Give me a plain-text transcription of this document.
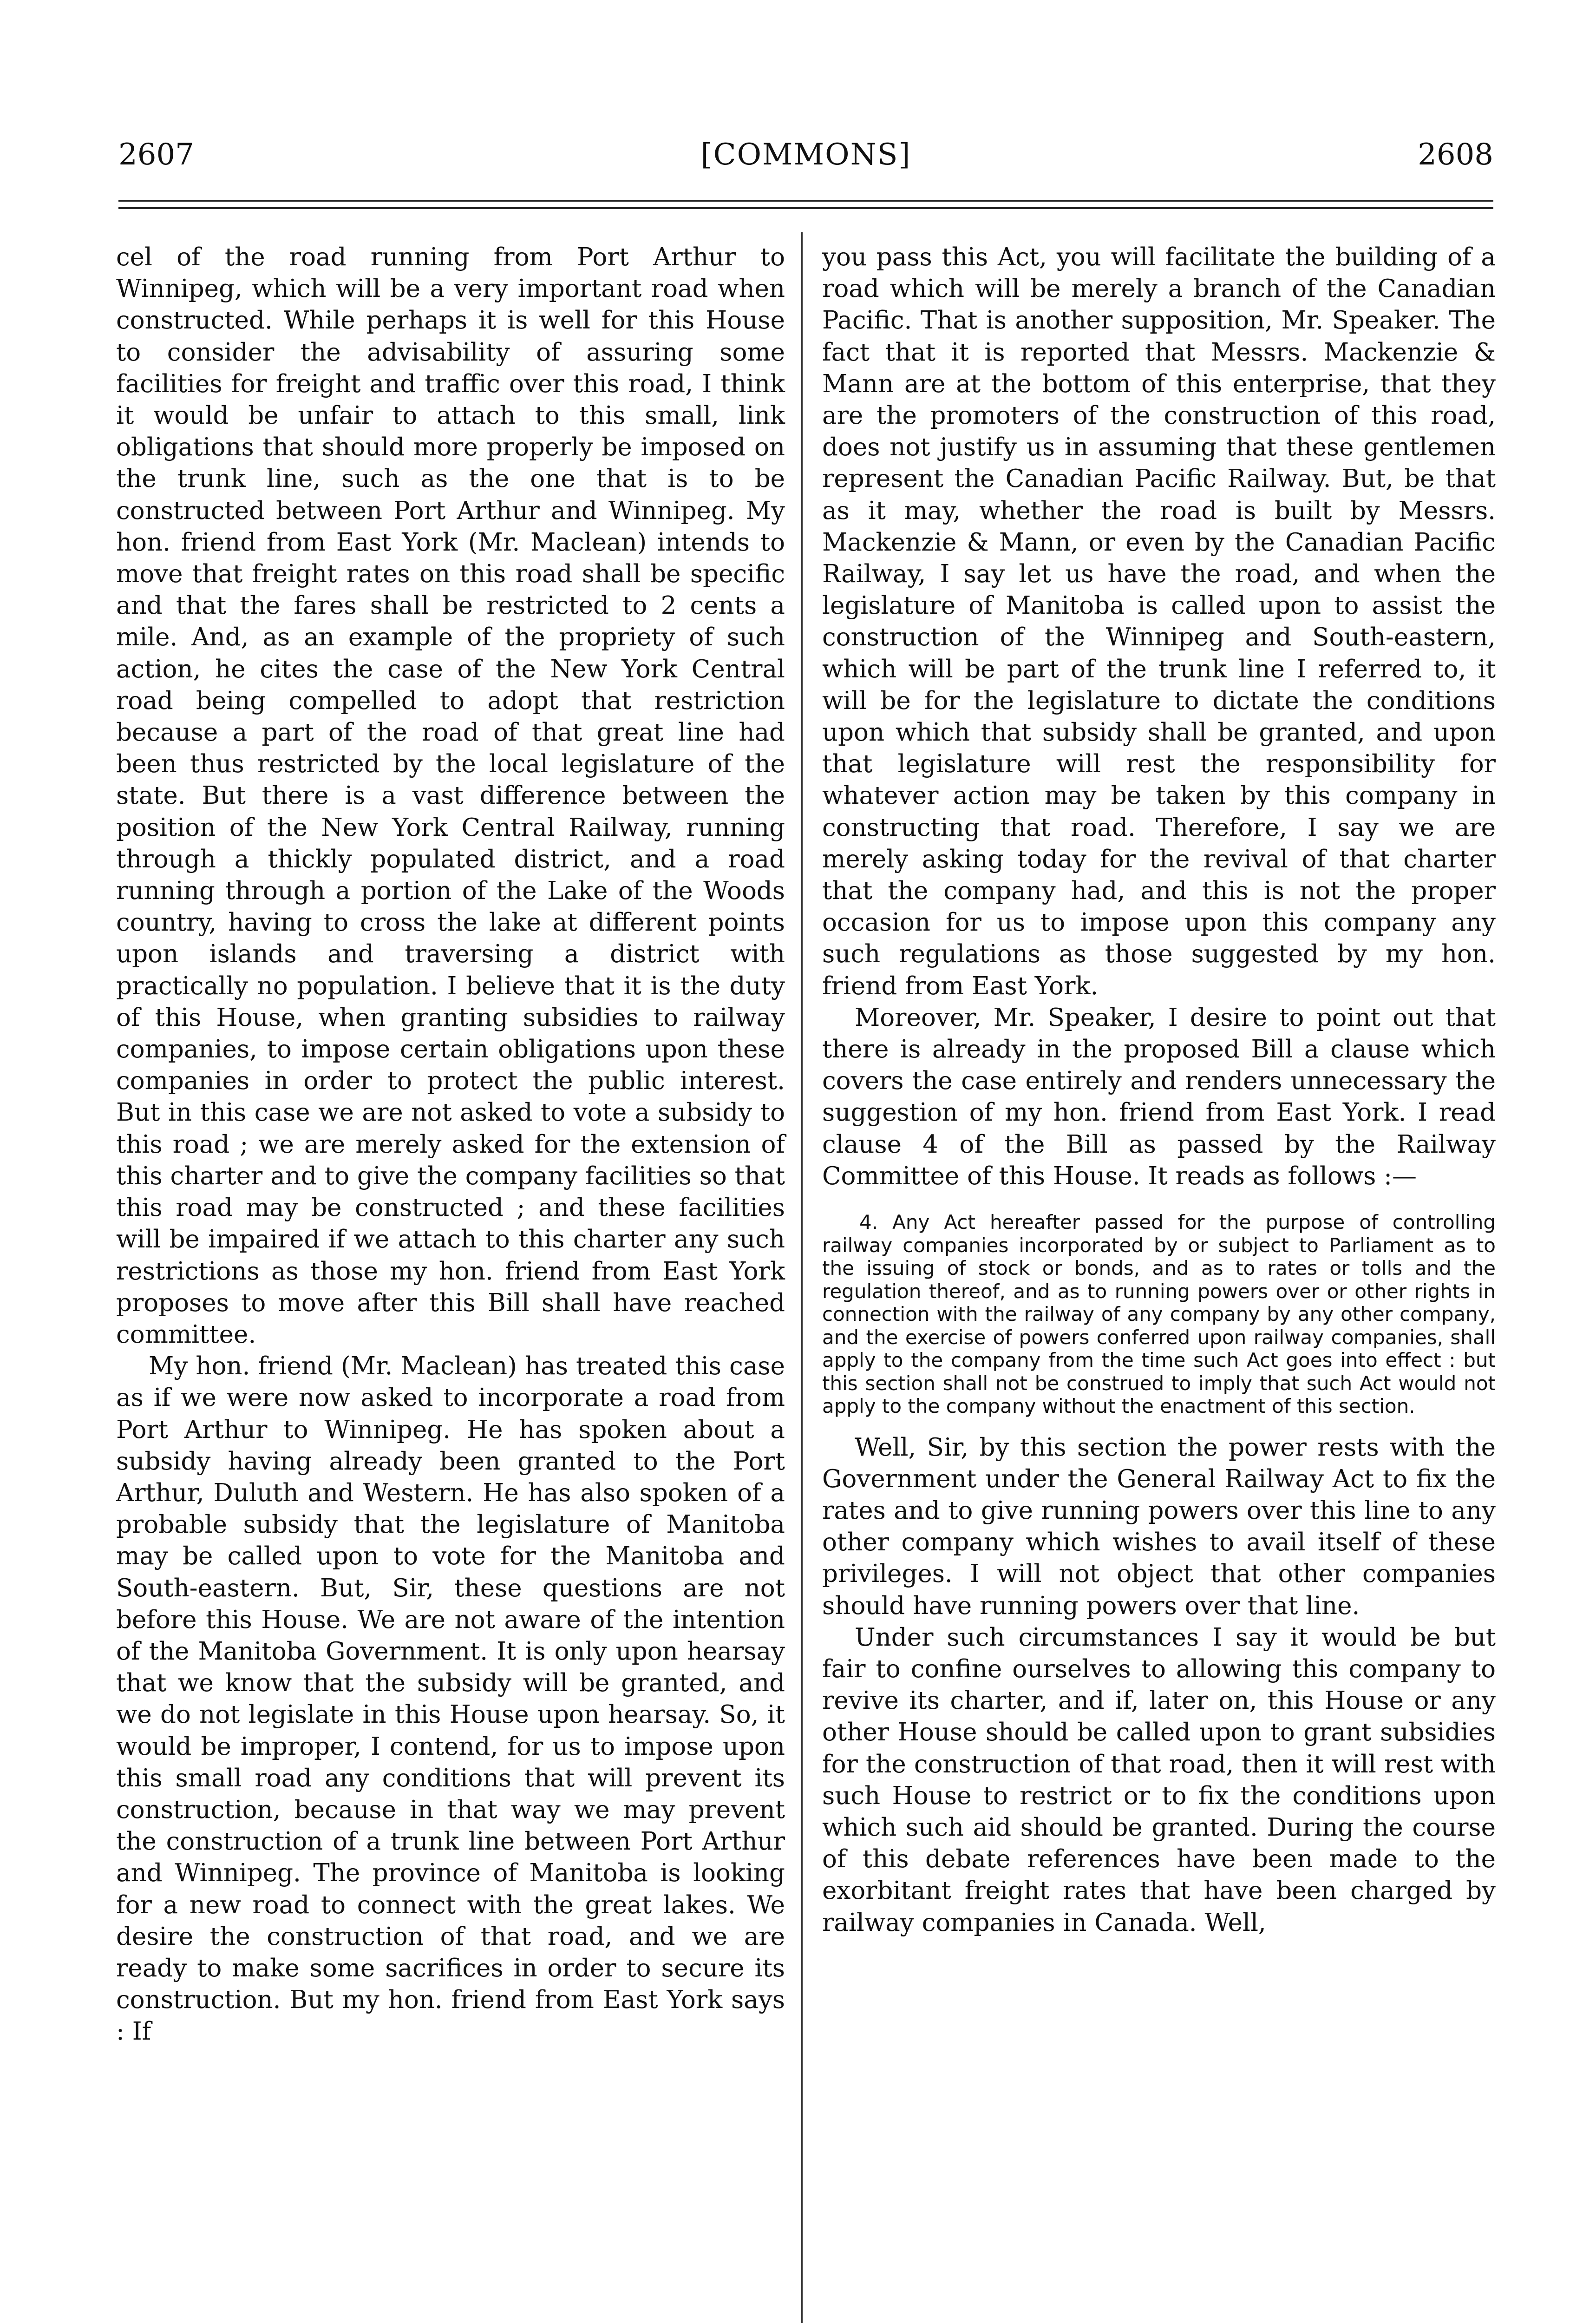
2607	[COMMONS]	2608

cel of the road running from Port Arthur to Winnipeg, which will be a very important road when constructed. While perhaps it is well for this House to consider the advisability of assuring some facilities for freight and traffic over this road, I think it would be unfair to attach to this small, link obligations that should more properly be imposed on the trunk line, such as the one that is to be constructed between Port Arthur and Winnipeg. My hon. friend from East York (Mr. Maclean) intends to move that freight rates on this road shall be specific and that the fares shall be restricted to 2 cents a mile. And, as an example of the propriety of such action, he cites the case of the New York Central road being compelled to adopt that restriction because a part of the road of that great line had been thus restricted by the local legislature of the state. But there is a vast difference between the position of the New York Central Railway, running through a thickly populated district, and a road running through a portion of the Lake of the Woods country, having to cross the lake at different points upon islands and traversing a district with practically no population. I believe that it is the duty of this House, when granting subsidies to railway companies, to impose certain obligations upon these companies in order to protect the public interest. But in this case we are not asked to vote a subsidy to this road ; we are merely asked for the extension of this charter and to give the company facilities so that this road may be constructed ; and these facilities will be impaired if we attach to this charter any such restrictions as those my hon. friend from East York proposes to move after this Bill shall have reached committee.

My hon. friend (Mr. Maclean) has treated this case as if we were now asked to incorporate a road from Port Arthur to Winnipeg. He has spoken about a subsidy having already been granted to the Port Arthur, Duluth and Western. He has also spoken of a probable subsidy that the legislature of Manitoba may be called upon to vote for the Manitoba and South-eastern. But, Sir, these questions are not before this House. We are not aware of the intention of the Manitoba Government. It is only upon hearsay that we know that the subsidy will be granted, and we do not legislate in this House upon hearsay. So, it would be improper, I contend, for us to impose upon this small road any conditions that will prevent its construction, because in that way we may prevent the construction of a trunk line between Port Arthur and Winnipeg. The province of Manitoba is looking for a new road to connect with the great lakes. We desire the construction of that road, and we are ready to make some sacrifices in order to secure its construction. But my hon. friend from East York says : If

you pass this Act, you will facilitate the building of a road which will be merely a branch of the Canadian Pacific. That is another supposition, Mr. Speaker. The fact that it is reported that Messrs. Mackenzie & Mann are at the bottom of this enterprise, that they are the promoters of the construction of this road, does not justify us in assuming that these gentlemen represent the Canadian Pacific Railway. But, be that as it may, whether the road is built by Messrs. Mackenzie & Mann, or even by the Canadian Pacific Railway, I say let us have the road, and when the legislature of Manitoba is called upon to assist the construction of the Winnipeg and South-eastern, which will be part of the trunk line I referred to, it will be for the legislature to dictate the conditions upon which that subsidy shall be granted, and upon that legislature will rest the responsibility for whatever action may be taken by this company in constructing that road. Therefore, I say we are merely asking today for the revival of that charter that the company had, and this is not the proper occasion for us to impose upon this company any such regulations as those suggested by my hon. friend from East York.

Moreover, Mr. Speaker, I desire to point out that there is already in the proposed Bill a clause which covers the case entirely and renders unnecessary the suggestion of my hon. friend from East York. I read clause 4 of the Bill as passed by the Railway Committee of this House. It reads as follows :—

4. Any Act hereafter passed for the purpose of controlling railway companies incorporated by or subject to Parliament as to the issuing of stock or bonds, and as to rates or tolls and the regulation thereof, and as to running powers over or other rights in connection with the railway of any company by any other company, and the exercise of powers conferred upon railway companies, shall apply to the company from the time such Act goes into effect : but this section shall not be construed to imply that such Act would not apply to the company without the enactment of this section.

Well, Sir, by this section the power rests with the Government under the General Railway Act to fix the rates and to give running powers over this line to any other company which wishes to avail itself of these privileges. I will not object that other companies should have running powers over that line.

Under such circumstances I say it would be but fair to confine ourselves to allowing this company to revive its charter, and if, later on, this House or any other House should be called upon to grant subsidies for the construction of that road, then it will rest with such House to restrict or to fix the conditions upon which such aid should be granted. During the course of this debate references have been made to the exorbitant freight rates that have been charged by railway companies in Canada. Well,
